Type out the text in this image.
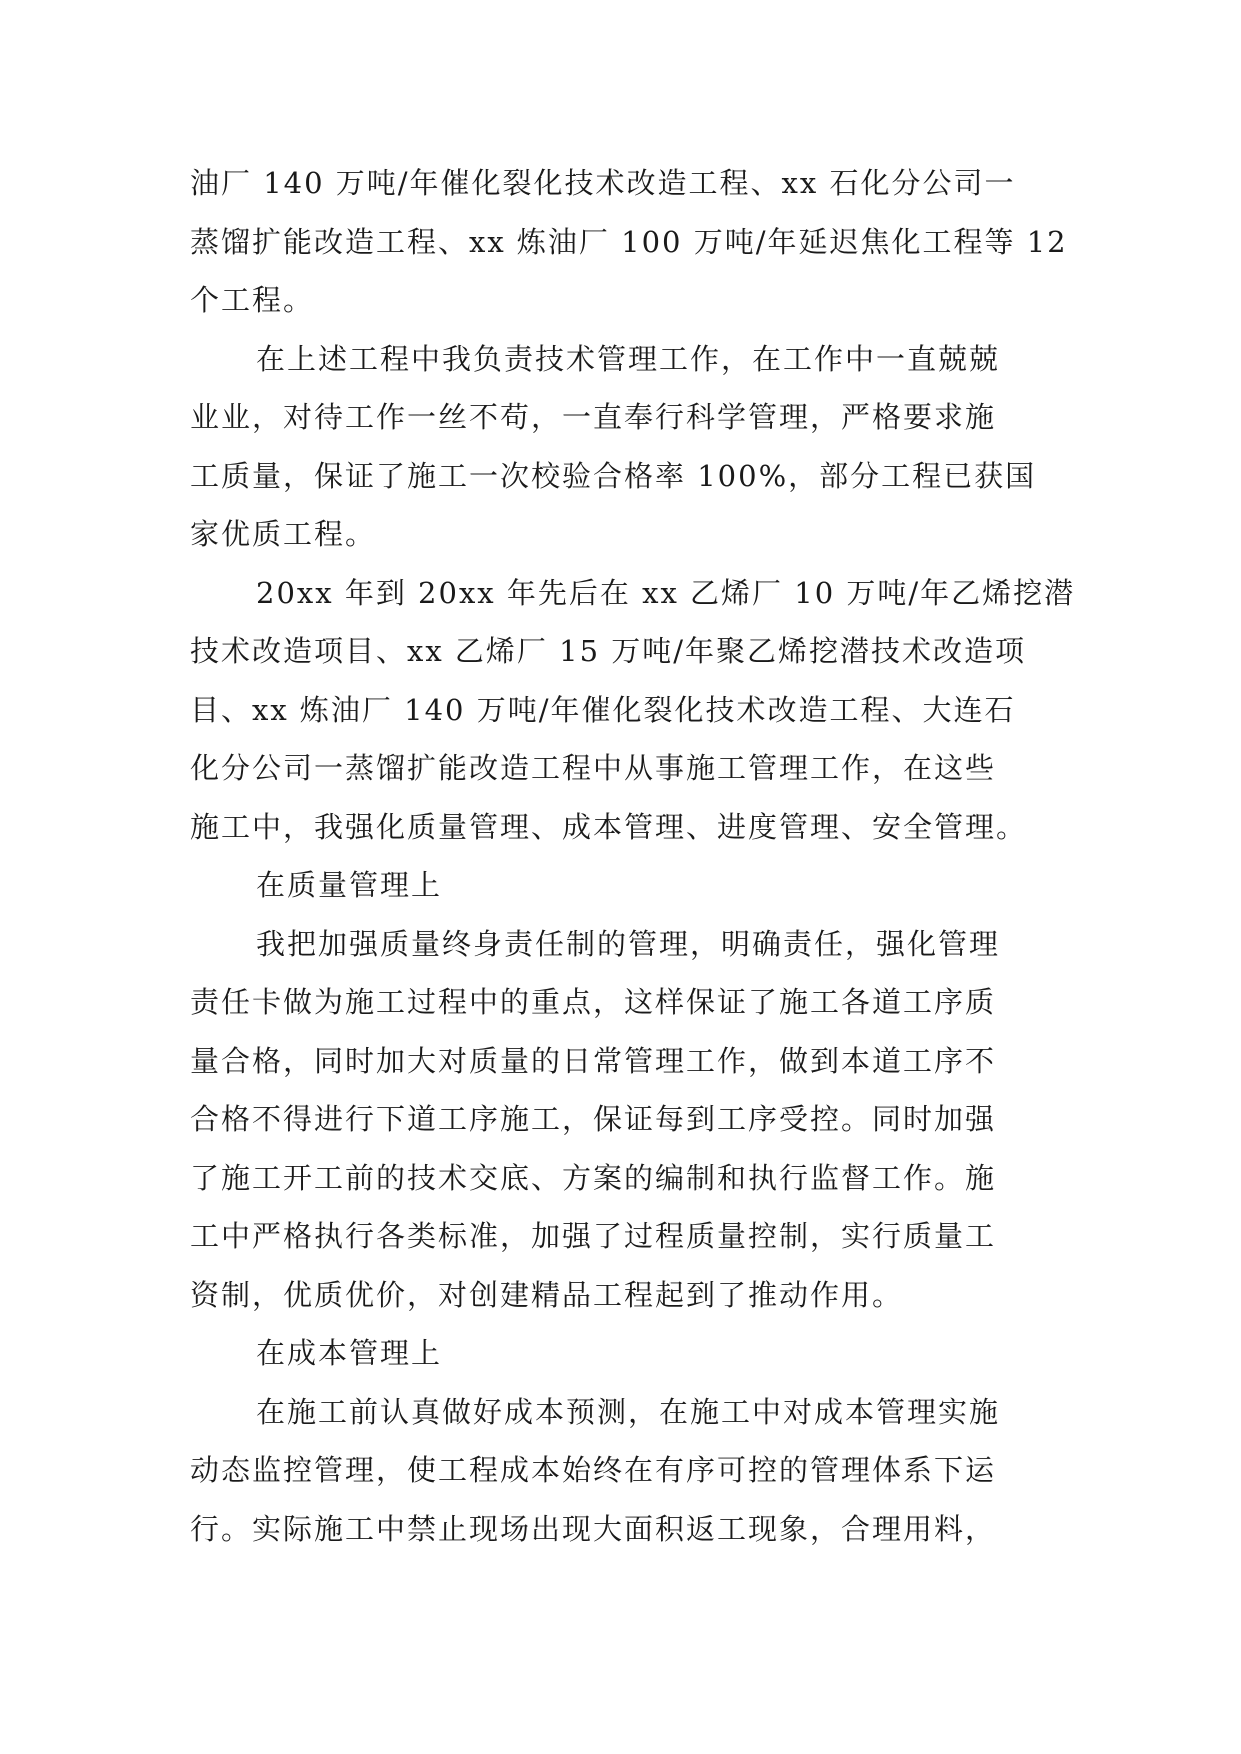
油厂 140 万吨/年催化裂化技术改造工程、xx 石化分公司一
蒸馏扩能改造工程、xx 炼油厂 100 万吨/年延迟焦化工程等 12
个工程。
在上述工程中我负责技术管理工作，在工作中一直兢兢
业业，对待工作一丝不苟，一直奉行科学管理，严格要求施
工质量，保证了施工一次校验合格率 100%，部分工程已获国
家优质工程。
20xx 年到 20xx 年先后在 xx 乙烯厂 10 万吨/年乙烯挖潜
技术改造项目、xx 乙烯厂 15 万吨/年聚乙烯挖潜技术改造项
目、xx 炼油厂 140 万吨/年催化裂化技术改造工程、大连石
化分公司一蒸馏扩能改造工程中从事施工管理工作，在这些
施工中，我强化质量管理、成本管理、进度管理、安全管理。
在质量管理上
我把加强质量终身责任制的管理，明确责任，强化管理
责任卡做为施工过程中的重点，这样保证了施工各道工序质
量合格，同时加大对质量的日常管理工作，做到本道工序不
合格不得进行下道工序施工，保证每到工序受控。同时加强
了施工开工前的技术交底、方案的编制和执行监督工作。施
工中严格执行各类标准，加强了过程质量控制，实行质量工
资制，优质优价，对创建精品工程起到了推动作用。
在成本管理上
在施工前认真做好成本预测，在施工中对成本管理实施
动态监控管理，使工程成本始终在有序可控的管理体系下运
行。实际施工中禁止现场出现大面积返工现象，合理用料，
